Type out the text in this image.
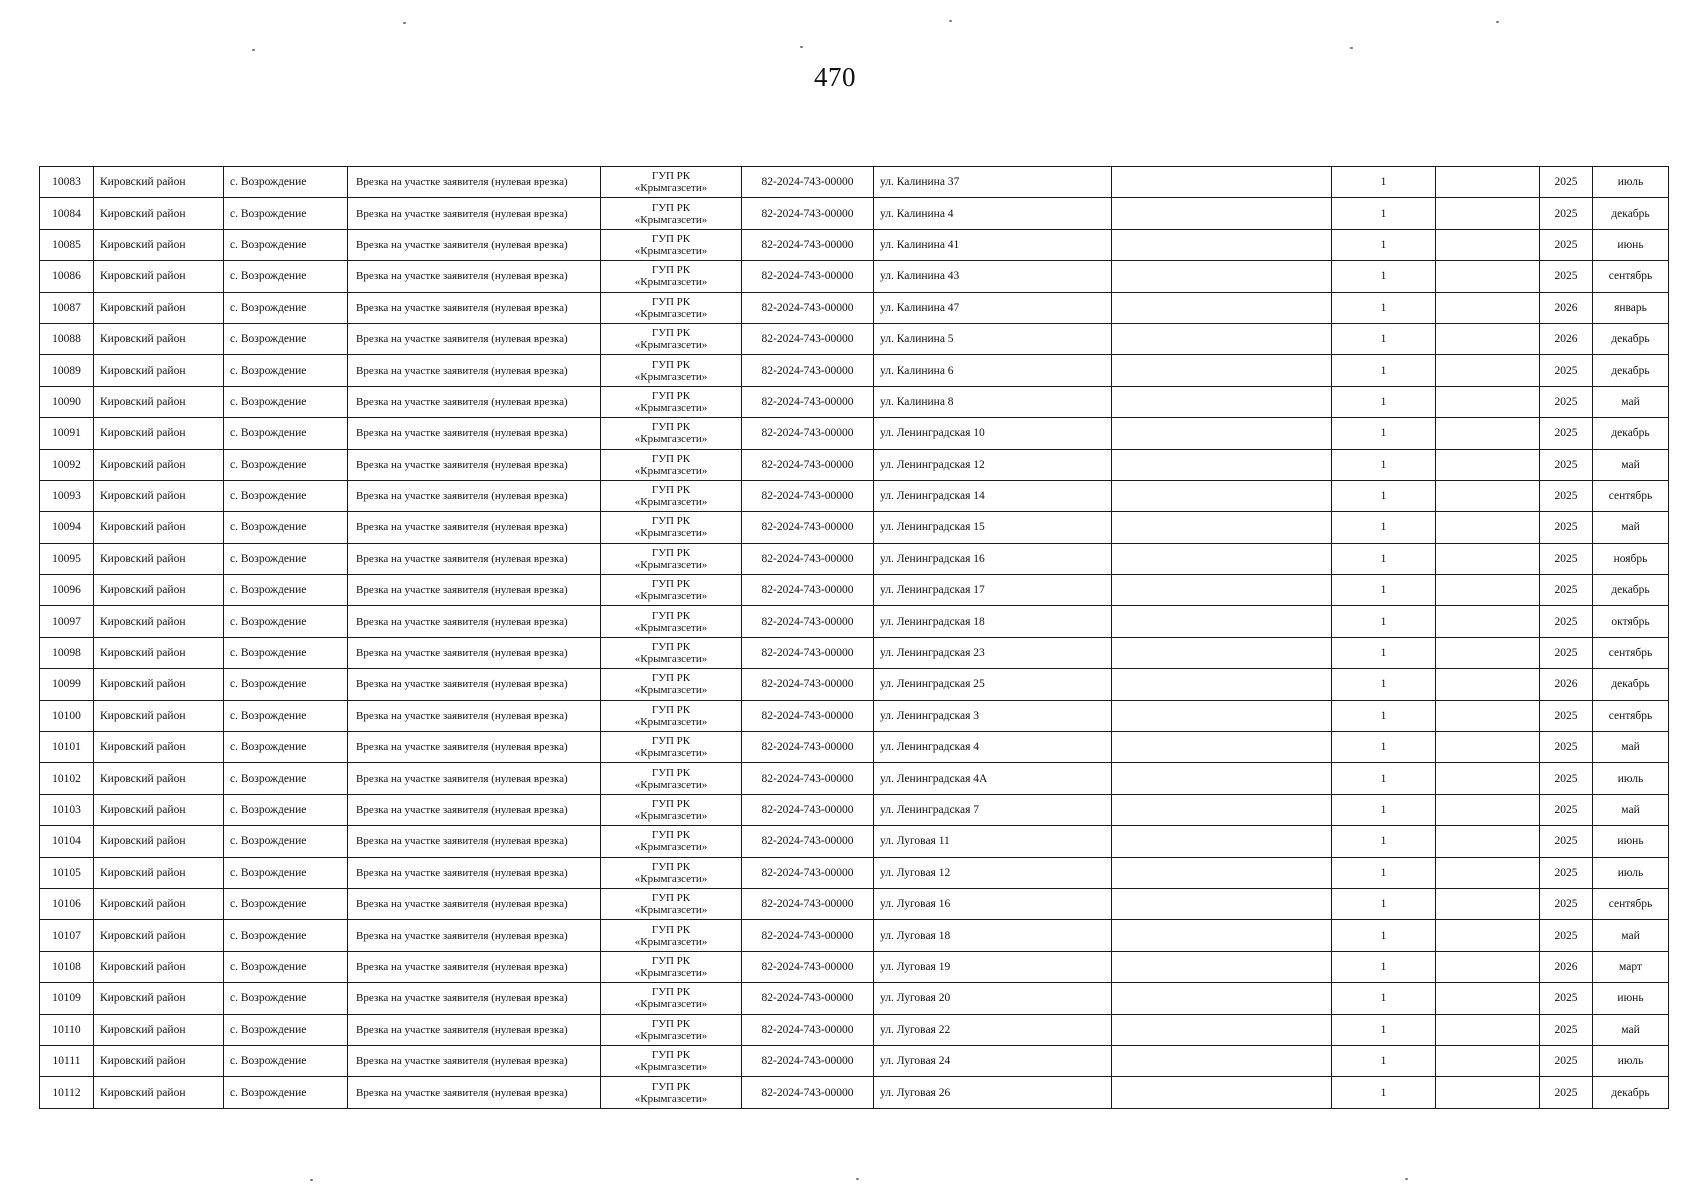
470
10083	Кировский район	с. Возрождение	Врезка на участке заявителя (нулевая врезка)	ГУП РК
«Крымгазсети»	82-2024-743-00000	ул. Калинина 37		1		2025	июль
10084	Кировский район	с. Возрождение	Врезка на участке заявителя (нулевая врезка)	ГУП РК
«Крымгазсети»	82-2024-743-00000	ул. Калинина 4		1		2025	декабрь
10085	Кировский район	с. Возрождение	Врезка на участке заявителя (нулевая врезка)	ГУП РК
«Крымгазсети»	82-2024-743-00000	ул. Калинина 41		1		2025	июнь
10086	Кировский район	с. Возрождение	Врезка на участке заявителя (нулевая врезка)	ГУП РК
«Крымгазсети»	82-2024-743-00000	ул. Калинина 43		1		2025	сентябрь
10087	Кировский район	с. Возрождение	Врезка на участке заявителя (нулевая врезка)	ГУП РК
«Крымгазсети»	82-2024-743-00000	ул. Калинина 47		1		2026	январь
10088	Кировский район	с. Возрождение	Врезка на участке заявителя (нулевая врезка)	ГУП РК
«Крымгазсети»	82-2024-743-00000	ул. Калинина 5		1		2026	декабрь
10089	Кировский район	с. Возрождение	Врезка на участке заявителя (нулевая врезка)	ГУП РК
«Крымгазсети»	82-2024-743-00000	ул. Калинина 6		1		2025	декабрь
10090	Кировский район	с. Возрождение	Врезка на участке заявителя (нулевая врезка)	ГУП РК
«Крымгазсети»	82-2024-743-00000	ул. Калинина 8		1		2025	май
10091	Кировский район	с. Возрождение	Врезка на участке заявителя (нулевая врезка)	ГУП РК
«Крымгазсети»	82-2024-743-00000	ул. Ленинградская 10		1		2025	декабрь
10092	Кировский район	с. Возрождение	Врезка на участке заявителя (нулевая врезка)	ГУП РК
«Крымгазсети»	82-2024-743-00000	ул. Ленинградская 12		1		2025	май
10093	Кировский район	с. Возрождение	Врезка на участке заявителя (нулевая врезка)	ГУП РК
«Крымгазсети»	82-2024-743-00000	ул. Ленинградская 14		1		2025	сентябрь
10094	Кировский район	с. Возрождение	Врезка на участке заявителя (нулевая врезка)	ГУП РК
«Крымгазсети»	82-2024-743-00000	ул. Ленинградская 15		1		2025	май
10095	Кировский район	с. Возрождение	Врезка на участке заявителя (нулевая врезка)	ГУП РК
«Крымгазсети»	82-2024-743-00000	ул. Ленинградская 16		1		2025	ноябрь
10096	Кировский район	с. Возрождение	Врезка на участке заявителя (нулевая врезка)	ГУП РК
«Крымгазсети»	82-2024-743-00000	ул. Ленинградская 17		1		2025	декабрь
10097	Кировский район	с. Возрождение	Врезка на участке заявителя (нулевая врезка)	ГУП РК
«Крымгазсети»	82-2024-743-00000	ул. Ленинградская 18		1		2025	октябрь
10098	Кировский район	с. Возрождение	Врезка на участке заявителя (нулевая врезка)	ГУП РК
«Крымгазсети»	82-2024-743-00000	ул. Ленинградская 23		1		2025	сентябрь
10099	Кировский район	с. Возрождение	Врезка на участке заявителя (нулевая врезка)	ГУП РК
«Крымгазсети»	82-2024-743-00000	ул. Ленинградская 25		1		2026	декабрь
10100	Кировский район	с. Возрождение	Врезка на участке заявителя (нулевая врезка)	ГУП РК
«Крымгазсети»	82-2024-743-00000	ул. Ленинградская 3		1		2025	сентябрь
10101	Кировский район	с. Возрождение	Врезка на участке заявителя (нулевая врезка)	ГУП РК
«Крымгазсети»	82-2024-743-00000	ул. Ленинградская 4		1		2025	май
10102	Кировский район	с. Возрождение	Врезка на участке заявителя (нулевая врезка)	ГУП РК
«Крымгазсети»	82-2024-743-00000	ул. Ленинградская 4А		1		2025	июль
10103	Кировский район	с. Возрождение	Врезка на участке заявителя (нулевая врезка)	ГУП РК
«Крымгазсети»	82-2024-743-00000	ул. Ленинградская 7		1		2025	май
10104	Кировский район	с. Возрождение	Врезка на участке заявителя (нулевая врезка)	ГУП РК
«Крымгазсети»	82-2024-743-00000	ул. Луговая 11		1		2025	июнь
10105	Кировский район	с. Возрождение	Врезка на участке заявителя (нулевая врезка)	ГУП РК
«Крымгазсети»	82-2024-743-00000	ул. Луговая 12		1		2025	июль
10106	Кировский район	с. Возрождение	Врезка на участке заявителя (нулевая врезка)	ГУП РК
«Крымгазсети»	82-2024-743-00000	ул. Луговая 16		1		2025	сентябрь
10107	Кировский район	с. Возрождение	Врезка на участке заявителя (нулевая врезка)	ГУП РК
«Крымгазсети»	82-2024-743-00000	ул. Луговая 18		1		2025	май
10108	Кировский район	с. Возрождение	Врезка на участке заявителя (нулевая врезка)	ГУП РК
«Крымгазсети»	82-2024-743-00000	ул. Луговая 19		1		2026	март
10109	Кировский район	с. Возрождение	Врезка на участке заявителя (нулевая врезка)	ГУП РК
«Крымгазсети»	82-2024-743-00000	ул. Луговая 20		1		2025	июнь
10110	Кировский район	с. Возрождение	Врезка на участке заявителя (нулевая врезка)	ГУП РК
«Крымгазсети»	82-2024-743-00000	ул. Луговая 22		1		2025	май
10111	Кировский район	с. Возрождение	Врезка на участке заявителя (нулевая врезка)	ГУП РК
«Крымгазсети»	82-2024-743-00000	ул. Луговая 24		1		2025	июль
10112	Кировский район	с. Возрождение	Врезка на участке заявителя (нулевая врезка)	ГУП РК
«Крымгазсети»	82-2024-743-00000	ул. Луговая 26		1		2025	декабрь
